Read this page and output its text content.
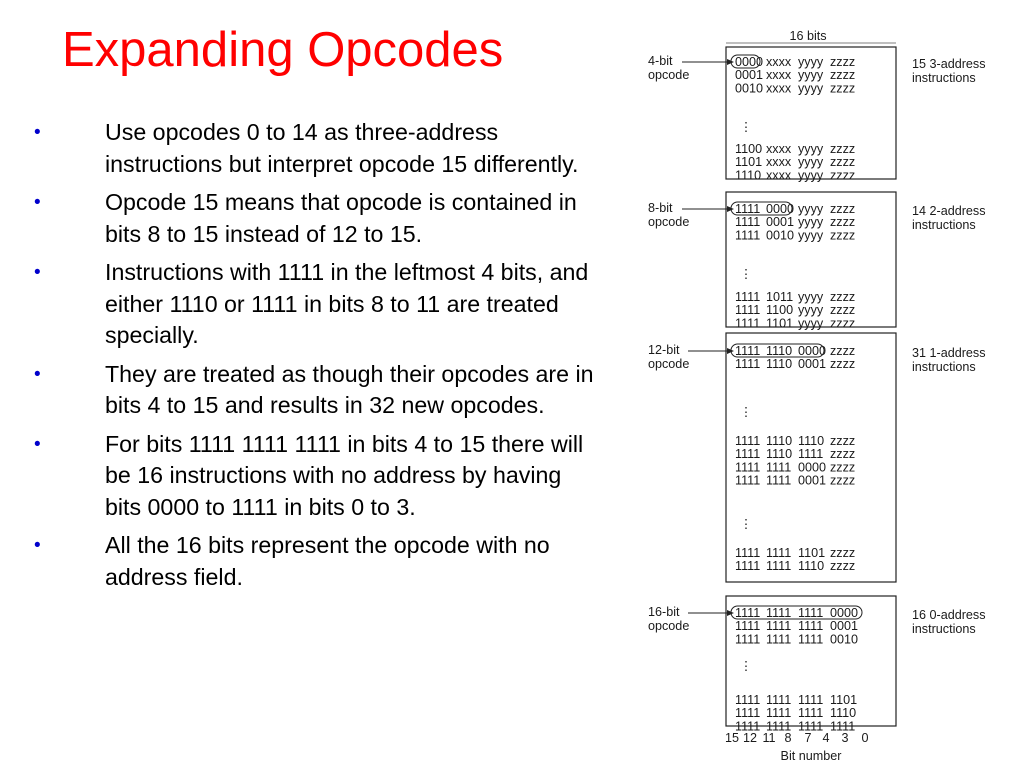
Expanding Opcodes
•	Use opcodes 0 to 14 as three-address instructions but interpret opcode 15 differently.
•	Opcode 15 means that opcode is contained in bits 8 to 15 instead of 12 to 15.
•	Instructions with 1111 in the leftmost 4 bits, and either 1110 or 1111 in bits 8 to 11 are treated specially.
•	They are treated as though their opcodes are in bits 4 to 15 and results in 32 new opcodes.
•	For bits 1111 1111 1111 in bits 4 to 15 there will be 16 instructions with no address by having bits 0000 to 1111 in bits 0 to 3.
•	All the 16 bits represent the opcode with no address field.
16 bits
4-bit
opcode
15 3-address
instructions
0000 xxxx yyyy zzzz
0001 xxxx yyyy zzzz
0010 xxxx yyyy zzzz
1100 xxxx yyyy zzzz
1101 xxxx yyyy zzzz
1110 xxxx yyyy zzzz
⋮
8-bit
opcode
14 2-address
instructions
1111 0000 yyyy zzzz
1111 0001 yyyy zzzz
1111 0010 yyyy zzzz
1111 1011 yyyy zzzz
1111 1100 yyyy zzzz
1111 1101 yyyy zzzz
⋮
12-bit
opcode
31 1-address
instructions
1111 1110 0000 zzzz
1111 1110 0001 zzzz
1111 1110 1110 zzzz
1111 1110 1111 zzzz
1111 1111 0000 zzzz
1111 1111 0001 zzzz
1111 1111 1101 zzzz
1111 1111 1110 zzzz
⋮
⋮
16-bit
opcode
16 0-address
instructions
1111 1111 1111 0000
1111 1111 1111 0001
1111 1111 1111 0010
1111 1111 1111 1101
1111 1111 1111 1110
1111 1111 1111 1111
⋮
15 12 11 8 7 4 3 0
Bit number
